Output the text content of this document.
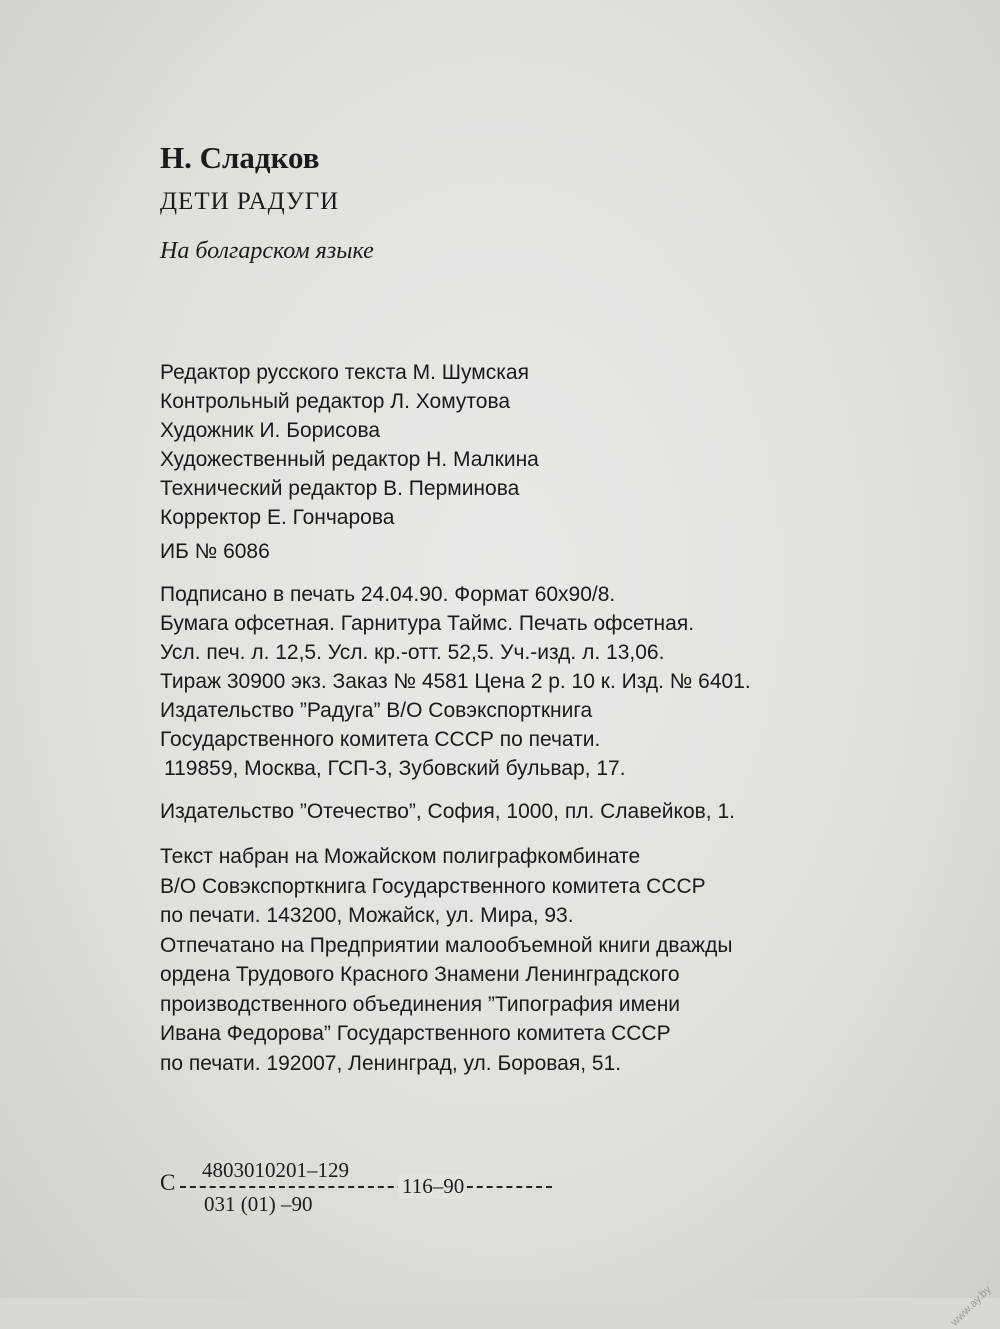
Н. Сладков
ДЕТИ РАДУГИ
На болгарском языке
Редактор русского текста М. Шумская
Контрольный редактор Л. Хомутова
Художник И. Борисова
Художественный редактор Н. Малкина
Технический редактор В. Перминова
Корректор Е. Гончарова
ИБ № 6086
Подписано в печать 24.04.90. Формат 60х90/8.
Бумага офсетная. Гарнитура Таймс. Печать офсетная.
Усл. печ. л. 12,5. Усл. кр.-отт. 52,5. Уч.-изд. л. 13,06.
Тираж 30900 экз. Заказ № 4581 Цена 2 р. 10 к. Изд. № 6401.
Издательство ”Радуга” В/О Совэкспорткнига
Государственного комитета СССР по печати.
119859, Москва, ГСП-3, Зубовский бульвар, 17.
Издательство ”Отечество”, София, 1000, пл. Славейков, 1.
Текст набран на Можайском полиграфкомбинате
В/О Совэкспорткнига Государственного комитета СССР
по печати. 143200, Можайск, ул. Мира, 93.
Отпечатано на Предприятии малообъемной книги дважды
ордена Трудового Красного Знамени Ленинградского
производственного объединения ”Типография имени
Ивана Федорова” Государственного комитета СССР
по печати. 192007, Ленинград, ул. Боровая, 51.
С 4803010201–129
031 (01) –90
116–90
www.ay.by
